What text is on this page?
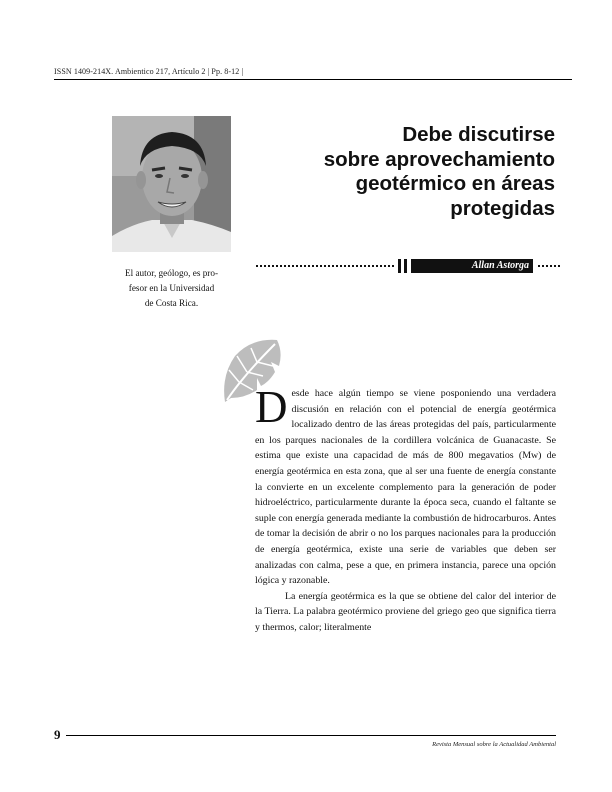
ISSN 1409-214X. Ambientico 217, Artículo 2 | Pp. 8-12 |
El autor, geólogo, es pro-
fesor en la Universidad
de Costa Rica.
Debe discutirse
sobre aprovechamiento
geotérmico en áreas
protegidas
Allan Astorga

Desde hace algún tiempo se viene posponiendo una verdadera discusión en relación con el potencial de energía geotérmica localizado dentro de las áreas protegidas del país, particularmente en los parques nacionales de la cordillera volcánica de Guanacaste. Se estima que existe una capacidad de más de 800 megavatios (Mw) de energía geotérmica en esta zona, que al ser una fuente de energía constante la convierte en un excelente complemento para la generación de poder hidroeléctrico, particularmente durante la época seca, cuando el faltante se suple con energía generada mediante la combustión de hidrocarburos. Antes de tomar la decisión de abrir o no los parques nacionales para la producción de energía geotérmica, existe una serie de variables que deben ser analizadas con calma, pese a que, en primera instancia, parece una opción lógica y razonable.

La energía geotérmica es la que se obtiene del calor del interior de la Tierra. La palabra geotérmico proviene del griego geo que significa tierra y thermos, calor; literalmente

9
Revista Mensual sobre la Actualidad Ambiental
